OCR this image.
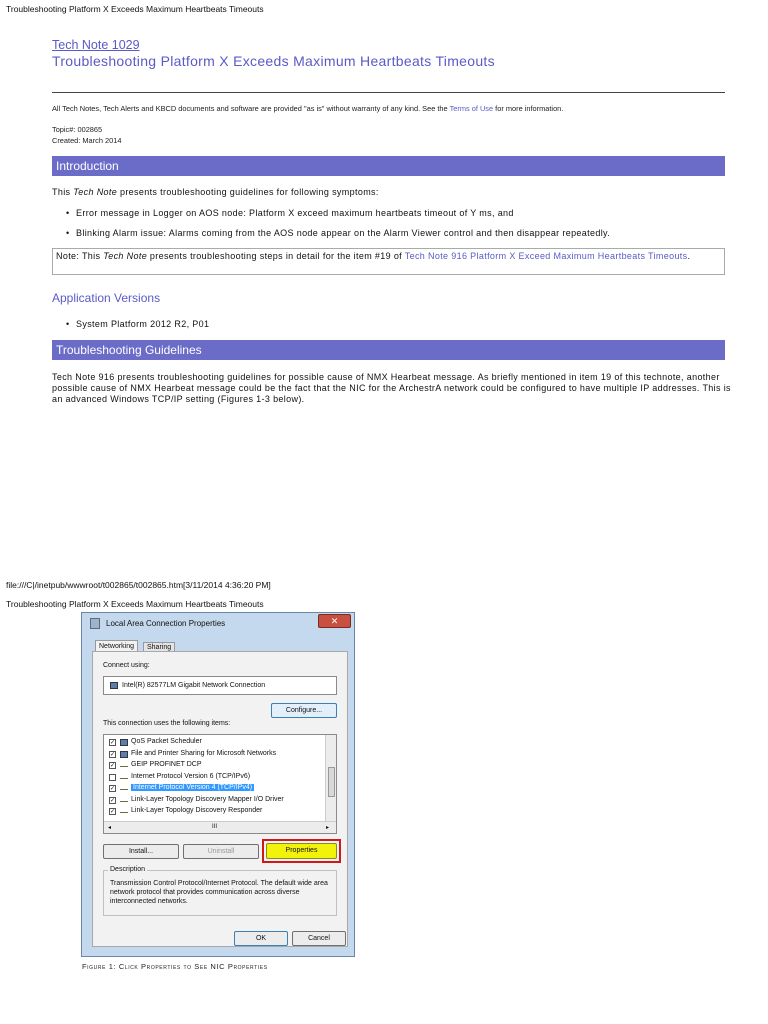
Troubleshooting Platform X Exceeds Maximum Heartbeats Timeouts
Tech Note 1029
Troubleshooting Platform X Exceeds Maximum Heartbeats Timeouts
All Tech Notes, Tech Alerts and KBCD documents and software are provided "as is" without warranty of any kind. See the Terms of Use for more information.
Topic#: 002865
Created: March 2014
Introduction
This Tech Note presents troubleshooting guidelines for following symptoms:
• Error message in Logger on AOS node: Platform X exceed maximum heartbeats timeout of Y ms, and
• Blinking Alarm issue: Alarms coming from the AOS node appear on the Alarm Viewer control and then disappear repeatedly.
Note: This Tech Note presents troubleshooting steps in detail for the item #19 of Tech Note 916 Platform X Exceed Maximum Heartbeats Timeouts.
Application Versions
• System Platform 2012 R2, P01
Troubleshooting Guidelines
Tech Note 916 presents troubleshooting guidelines for possible cause of NMX Hearbeat message. As briefly mentioned in item 19 of this technote, another possible cause of NMX Hearbeat message could be the fact that the NIC for the ArchestrA network could be configured to have multiple IP addresses. This is an advanced Windows TCP/IP setting (Figures 1-3 below).
file:///C|/inetpub/wwwroot/t002865/t002865.htm[3/11/2014 4:36:20 PM]
Troubleshooting Platform X Exceeds Maximum Heartbeats Timeouts
Local Area Connection Properties	✕
Networking	Sharing
Connect using:
Intel(R) 82577LM Gigabit Network Connection
Configure...
This connection uses the following items:
✓ QoS Packet Scheduler
✓ File and Printer Sharing for Microsoft Networks
✓ GEIP PROFINET DCP
Internet Protocol Version 6 (TCP/IPv6)
✓	Internet Protocol Version 4 (TCP/IPv4)
✓ Link-Layer Topology Discovery Mapper I/O Driver
✓ Link-Layer Topology Discovery Responder
◂	III	▸
Install...	Uninstall	Properties
Description
Transmission Control Protocol/Internet Protocol. The default wide area network protocol that provides communication across diverse interconnected networks.
OK	Cancel
Figure 1: Click Properties to See NIC Properties
